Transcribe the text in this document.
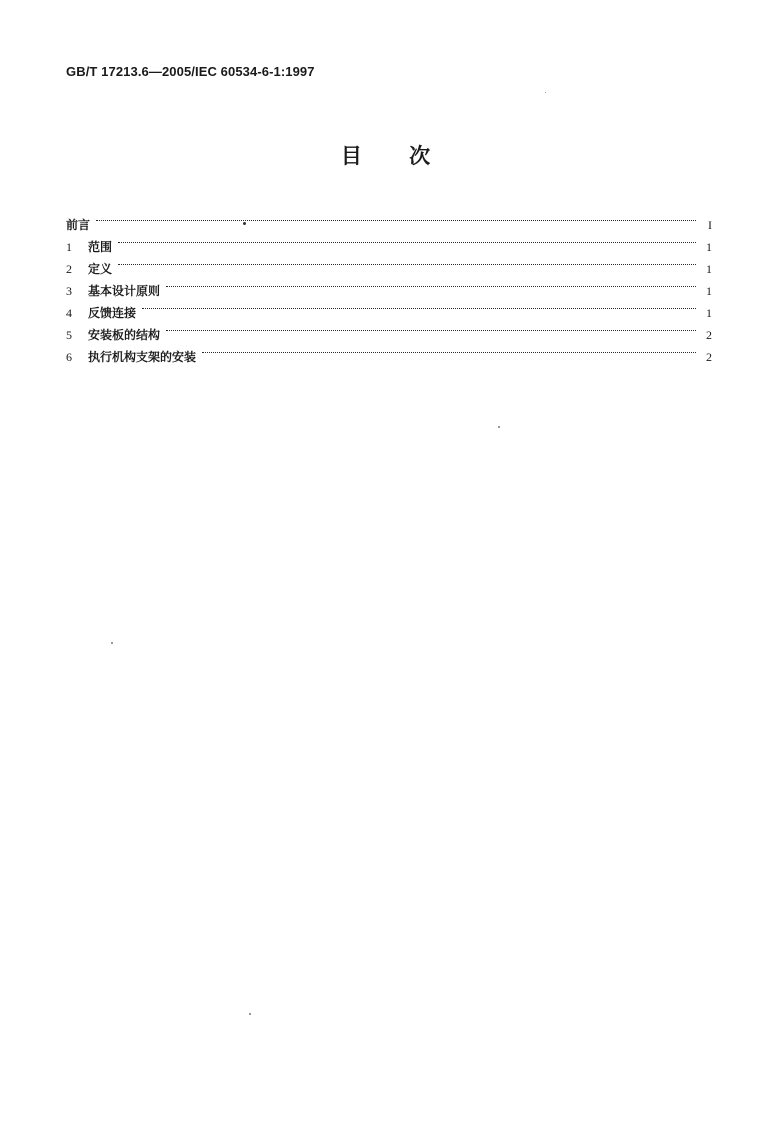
GB/T 17213.6—2005/IEC 60534-6-1:1997
目 次
前言	I
1	范围	1
2	定义	1
3	基本设计原则	1
4	反馈连接	1
5	安装板的结构	2
6	执行机构支架的安装	2
